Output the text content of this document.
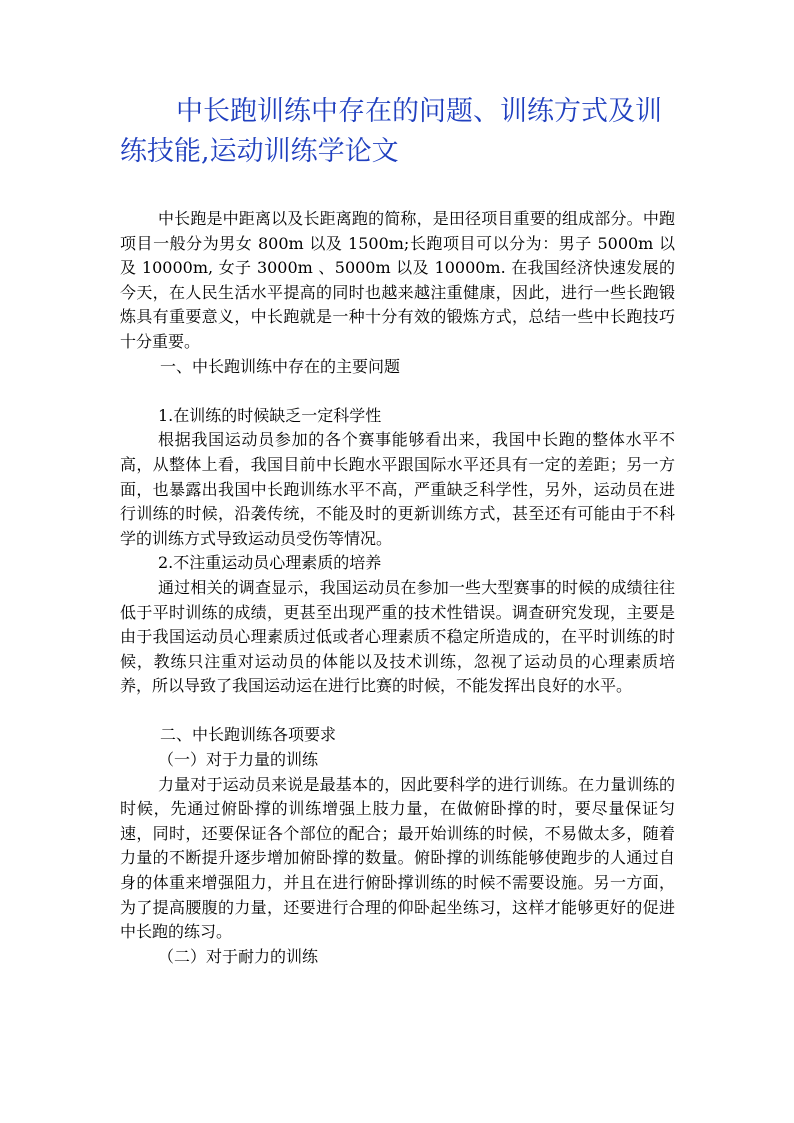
中长跑训练中存在的问题、训练方式及训练技能,运动训练学论文

中长跑是中距离以及长距离跑的简称，是田径项目重要的组成部分。中跑项目一般分为男女 800m 以及 1500m;长跑项目可以分为：男子 5000m 以及 10000m, 女子 3000m 、5000m 以及 10000m. 在我国经济快速发展的今天，在人民生活水平提高的同时也越来越注重健康，因此，进行一些长跑锻炼具有重要意义，中长跑就是一种十分有效的锻炼方式，总结一些中长跑技巧十分重要。

一、中长跑训练中存在的主要问题

1.在训练的时候缺乏一定科学性

根据我国运动员参加的各个赛事能够看出来，我国中长跑的整体水平不高，从整体上看，我国目前中长跑水平跟国际水平还具有一定的差距；另一方面，也暴露出我国中长跑训练水平不高，严重缺乏科学性，另外，运动员在进行训练的时候，沿袭传统，不能及时的更新训练方式，甚至还有可能由于不科学的训练方式导致运动员受伤等情况。

2.不注重运动员心理素质的培养

通过相关的调查显示，我国运动员在参加一些大型赛事的时候的成绩往往低于平时训练的成绩，更甚至出现严重的技术性错误。调查研究发现，主要是由于我国运动员心理素质过低或者心理素质不稳定所造成的，在平时训练的时候，教练只注重对运动员的体能以及技术训练，忽视了运动员的心理素质培养，所以导致了我国运动运在进行比赛的时候，不能发挥出良好的水平。

二、中长跑训练各项要求

（一）对于力量的训练

力量对于运动员来说是最基本的，因此要科学的进行训练。在力量训练的时候，先通过俯卧撑的训练增强上肢力量，在做俯卧撑的时，要尽量保证匀速，同时，还要保证各个部位的配合；最开始训练的时候，不易做太多，随着力量的不断提升逐步增加俯卧撑的数量。俯卧撑的训练能够使跑步的人通过自身的体重来增强阻力，并且在进行俯卧撑训练的时候不需要设施。另一方面，为了提高腰腹的力量，还要进行合理的仰卧起坐练习，这样才能够更好的促进中长跑的练习。

（二）对于耐力的训练
